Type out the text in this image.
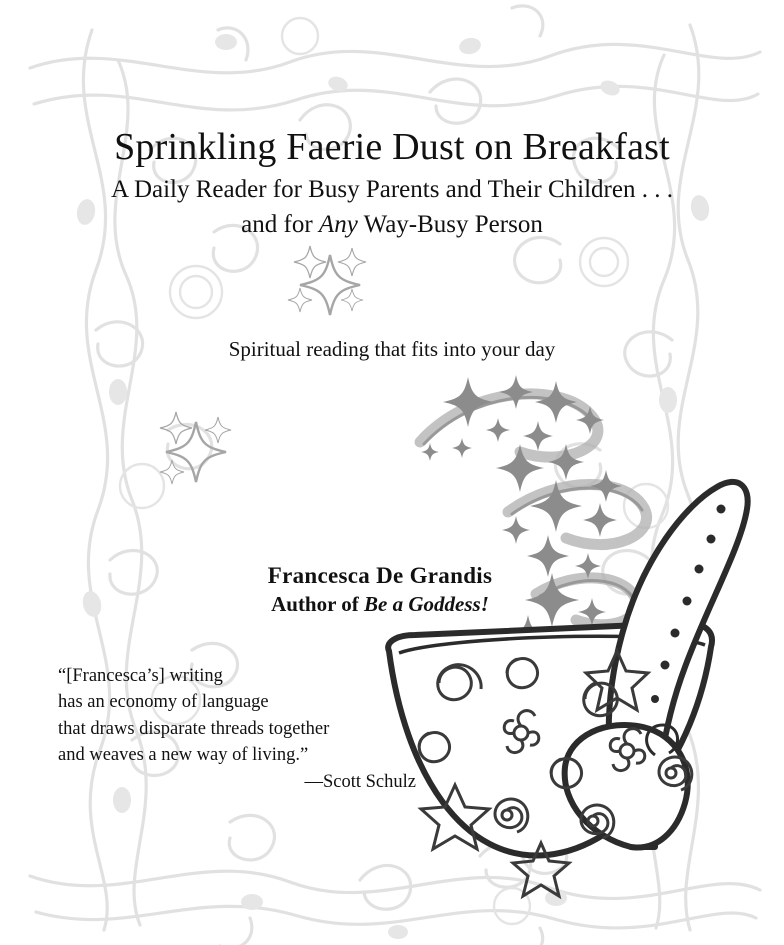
Sprinkling Faerie Dust on Breakfast
A Daily Reader for Busy Parents and Their Children . . .
and for Any Way-Busy Person
Spiritual reading that fits into your day
Francesca De Grandis
Author of Be a Goddess!
“[Francesca’s] writing
has an economy of language
that draws disparate threads together
and weaves a new way of living.”
—Scott Schulz
